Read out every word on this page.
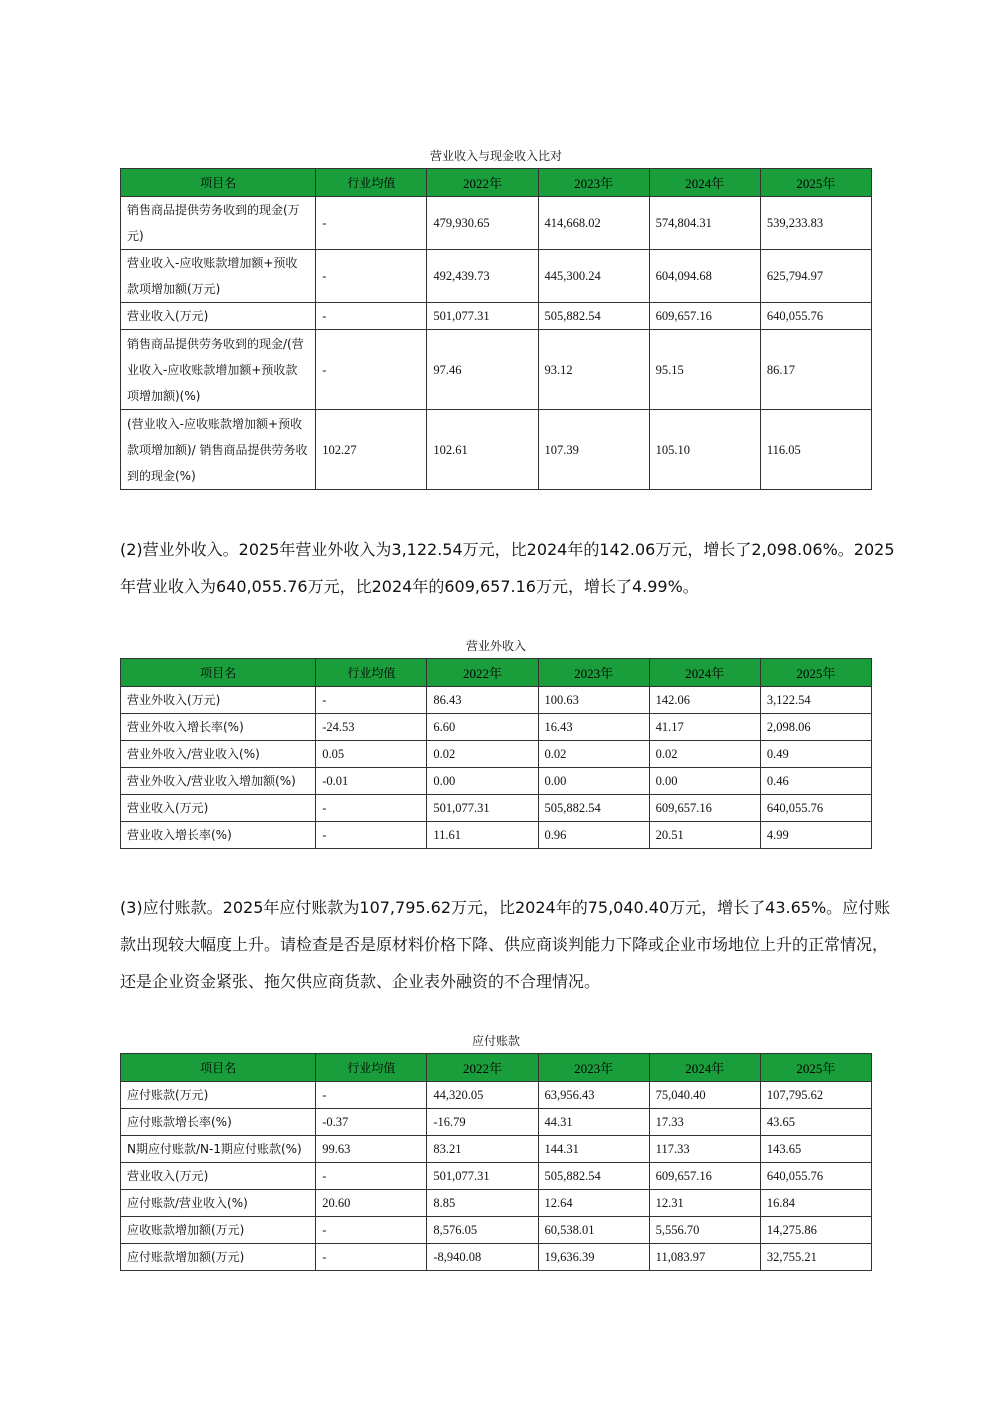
营业收入与现金收入比对
项目名	行业均值	2022年	2023年	2024年	2025年
销售商品提供劳务收到的现金(万元)	-	479,930.65	414,668.02	574,804.31	539,233.83
营业收入-应收账款增加额+预收款项增加额(万元)	-	492,439.73	445,300.24	604,094.68	625,794.97
营业收入(万元)	-	501,077.31	505,882.54	609,657.16	640,055.76
销售商品提供劳务收到的现金/(营业收入-应收账款增加额+预收款项增加额)(%)	-	97.46	93.12	95.15	86.17
(营业收入-应收账款增加额+预收款项增加额)/ 销售商品提供劳务收到的现金(%)	102.27	102.61	107.39	105.10	116.05
(2)营业外收入。2025年营业外收入为3,122.54万元，比2024年的142.06万元，增长了2,098.06%。2025年营业收入为640,055.76万元，比2024年的609,657.16万元，增长了4.99%。
营业外收入
项目名	行业均值	2022年	2023年	2024年	2025年
营业外收入(万元)	-	86.43	100.63	142.06	3,122.54
营业外收入增长率(%)	-24.53	6.60	16.43	41.17	2,098.06
营业外收入/营业收入(%)	0.05	0.02	0.02	0.02	0.49
营业外收入/营业收入增加额(%)	-0.01	0.00	0.00	0.00	0.46
营业收入(万元)	-	501,077.31	505,882.54	609,657.16	640,055.76
营业收入增长率(%)	-	11.61	0.96	20.51	4.99
(3)应付账款。2025年应付账款为107,795.62万元，比2024年的75,040.40万元，增长了43.65%。应付账款出现较大幅度上升。请检查是否是原材料价格下降、供应商谈判能力下降或企业市场地位上升的正常情况，还是企业资金紧张、拖欠供应商货款、企业表外融资的不合理情况。
应付账款
项目名	行业均值	2022年	2023年	2024年	2025年
应付账款(万元)	-	44,320.05	63,956.43	75,040.40	107,795.62
应付账款增长率(%)	-0.37	-16.79	44.31	17.33	43.65
N期应付账款/N-1期应付账款(%)	99.63	83.21	144.31	117.33	143.65
营业收入(万元)	-	501,077.31	505,882.54	609,657.16	640,055.76
应付账款/营业收入(%)	20.60	8.85	12.64	12.31	16.84
应收账款增加额(万元)	-	8,576.05	60,538.01	5,556.70	14,275.86
应付账款增加额(万元)	-	-8,940.08	19,636.39	11,083.97	32,755.21
